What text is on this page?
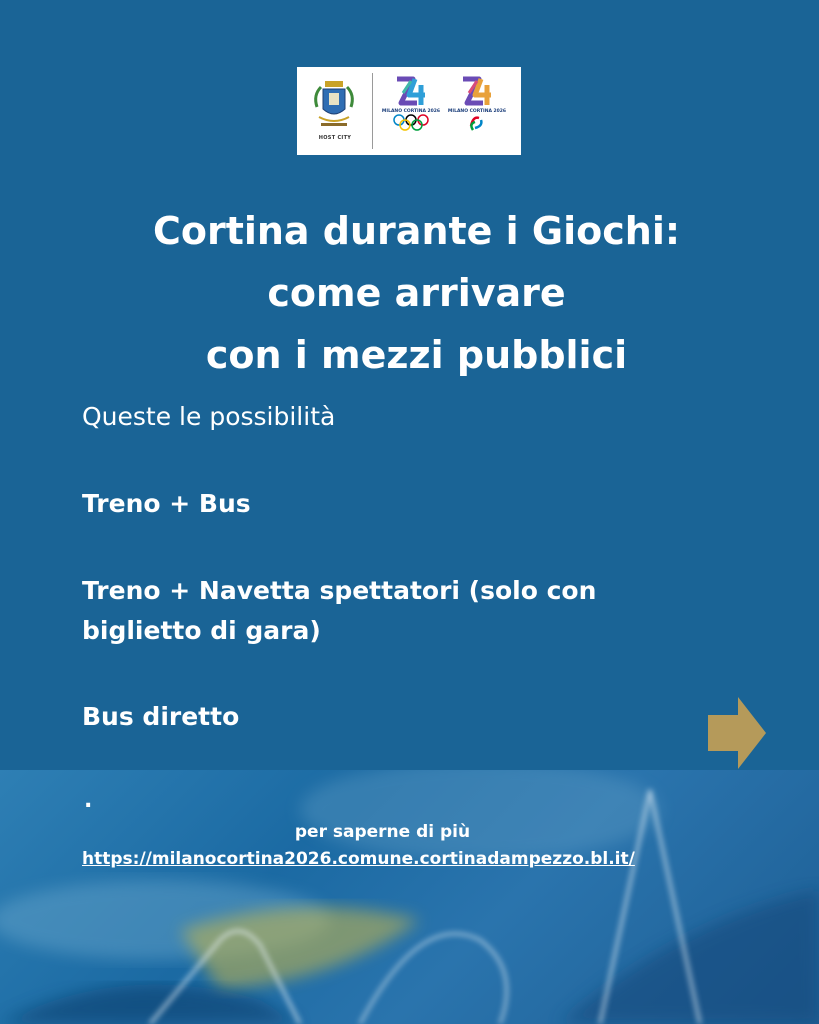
HOST CITY
MILANO CORTINA 2026 MILANO CORTINA 2026
Cortina durante i Giochi:
come arrivare
con i mezzi pubblici

Queste le possibilità

Treno + Bus

Treno + Navetta spettatori (solo con biglietto di gara)

Bus diretto

.

per saperne di più

https://milanocortina2026.comune.cortinadampezzo.bl.it/
